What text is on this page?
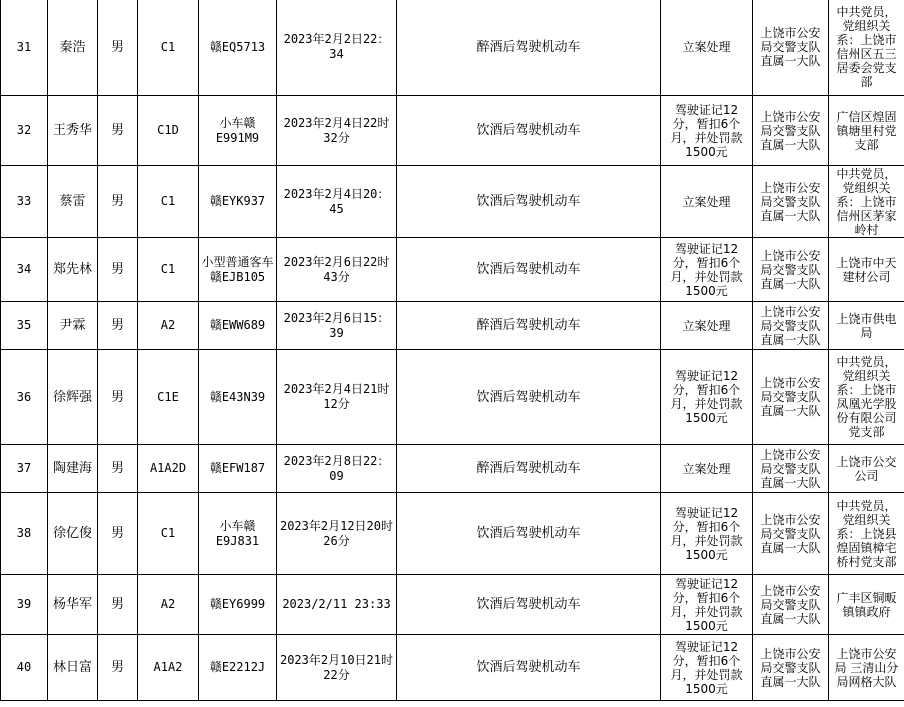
31	秦浩	男	C1	赣EQ5713	2023年2月2日22：34	醉酒后驾驶机动车	立案处理	上饶市公安局交警支队直属一大队	中共党员，党组织关系：上饶市信州区五三居委会党支部
32	王秀华	男	C1D	小车赣E991M9	2023年2月4日22时32分	饮酒后驾驶机动车	驾驶证记12分，暂扣6个月，并处罚款1500元	上饶市公安局交警支队直属一大队	广信区煌固镇塘里村党支部
33	蔡雷	男	C1	赣EYK937	2023年2月4日20：45	饮酒后驾驶机动车	立案处理	上饶市公安局交警支队直属一大队	中共党员，党组织关系：上饶市信州区茅家岭村
34	郑先林	男	C1	小型普通客车赣EJB105	2023年2月6日22时43分	饮酒后驾驶机动车	驾驶证记12分，暂扣6个月，并处罚款1500元	上饶市公安局交警支队直属一大队	上饶市中天建材公司
35	尹霖	男	A2	赣EWW689	2023年2月6日15：39	醉酒后驾驶机动车	立案处理	上饶市公安局交警支队直属一大队	上饶市供电局
36	徐辉强	男	C1E	赣E43N39	2023年2月4日21时12分	饮酒后驾驶机动车	驾驶证记12分，暂扣6个月，并处罚款1500元	上饶市公安局交警支队直属一大队	中共党员，党组织关系：上饶市凤凰光学股份有限公司党支部
37	陶建海	男	A1A2D	赣EFW187	2023年2月8日22：09	醉酒后驾驶机动车	立案处理	上饶市公安局交警支队直属一大队	上饶市公交公司
38	徐亿俊	男	C1	小车赣E9J831	2023年2月12日20时26分	饮酒后驾驶机动车	驾驶证记12分，暂扣6个月，并处罚款1500元	上饶市公安局交警支队直属一大队	中共党员，党组织关系：上饶县煌固镇樟宅桥村党支部
39	杨华军	男	A2	赣EY6999	2023/2/11 23:33	饮酒后驾驶机动车	驾驶证记12分，暂扣6个月，并处罚款1500元	上饶市公安局交警支队直属一大队	广丰区铜畈镇镇政府
40	林日富	男	A1A2	赣E2212J	2023年2月10日21时22分	饮酒后驾驶机动车	驾驶证记12分，暂扣6个月，并处罚款1500元	上饶市公安局交警支队直属一大队	上饶市公安局 三清山分局网格大队
